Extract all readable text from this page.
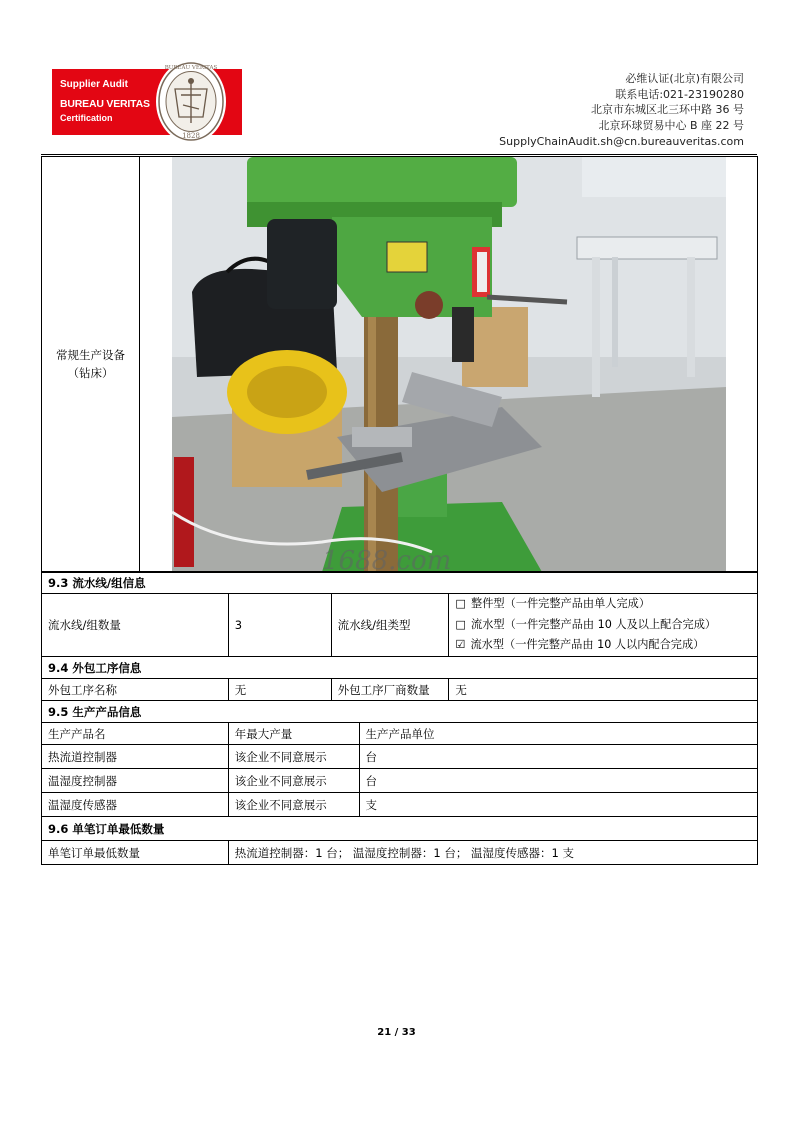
Supplier Audit
BUREAU VERITAS
Certification
1828
BUREAU VERITAS
必维认证(北京)有限公司
联系电话:021-23190280
北京市东城区北三环中路 36 号
北京环球贸易中心 B 座 22 号
SupplyChainAudit.sh@cn.bureauveritas.com
常规生产设备
（钻床）
1688.com
9.3 流水线/组信息				
流水线/组数量	3	流水线/组类型		□ 整件型（一件完整产品由单人完成）
□ 流水型（一件完整产品由 10 人及以上配合完成）
☑ 流水型（一件完整产品由 10 人以内配合完成）

9.4 外包工序信息				
外包工序名称	无	外包工序厂商数量		无
9.5 生产产品信息				
生产产品名	年最大产量		生产产品单位	
热流道控制器	该企业不同意展示		台	
温湿度控制器	该企业不同意展示		台	
温湿度传感器	该企业不同意展示		支	
9.6 单笔订单最低数量				
单笔订单最低数量	热流道控制器：1 台； 温湿度控制器：1 台； 温湿度传感器：1 支			
21 / 33
